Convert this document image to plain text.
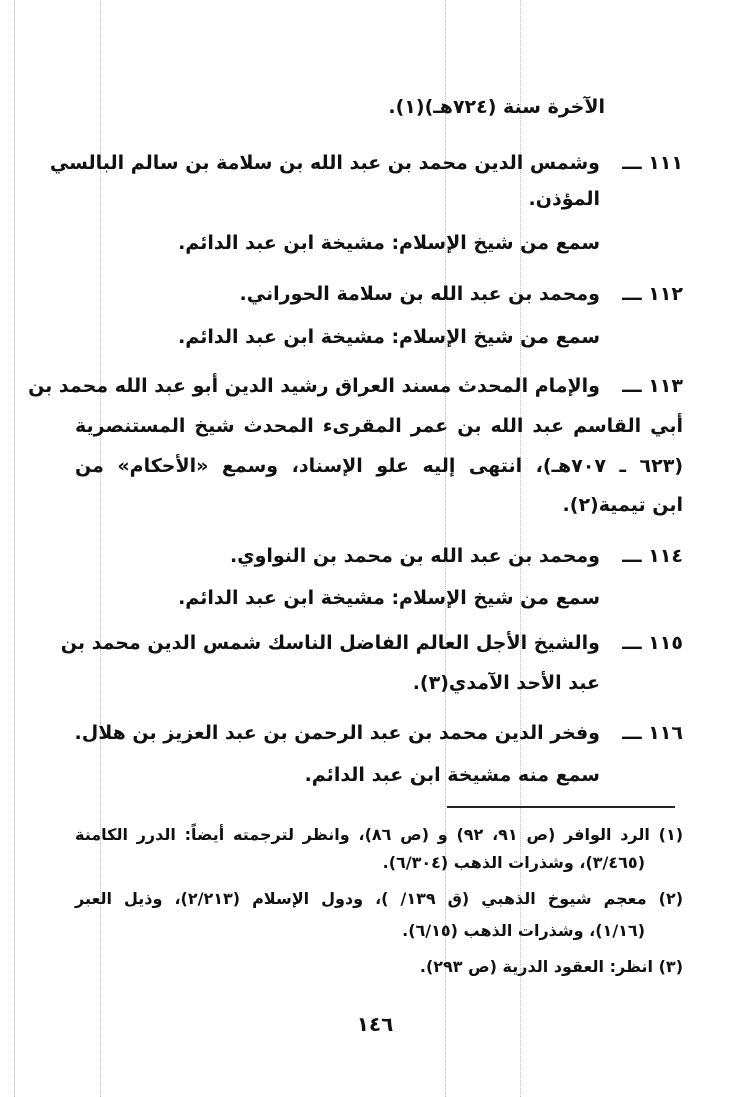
الآخرة سنة (٧٢٤هـ)(١).
١١١ ـــ
وشمس الدين محمد بن عبد الله بن سلامة بن سالم البالسي
المؤذن.
سمع من شيخ الإسلام: مشيخة ابن عبد الدائم.
١١٢ ـــ
ومحمد بن عبد الله بن سلامة الحوراني.
سمع من شيخ الإسلام: مشيخة ابن عبد الدائم.
١١٣ ـــ
والإمام المحدث مسند العراق رشيد الدين أبو عبد الله محمد بن
أبي القاسم عبد الله بن عمر المقرىء المحدث شيخ المستنصرية
(٦٢٣ ـ ٧٠٧هـ)، انتهى إليه علو الإسناد، وسمع «الأحكام» من
ابن تيمية(٢).
١١٤ ـــ
ومحمد بن عبد الله بن محمد بن النواوي.
سمع من شيخ الإسلام: مشيخة ابن عبد الدائم.
١١٥ ـــ
والشيخ الأجل العالم الفاضل الناسك شمس الدين محمد بن
عبد الأحد الآمدي(٣).
١١٦ ـــ
وفخر الدين محمد بن عبد الرحمن بن عبد العزيز بن هلال.
سمع منه مشيخة ابن عبد الدائم.
(١) الرد الوافر (ص ٩١، ٩٢) و (ص ٨٦)، وانظر لترجمته أيضاً: الدرر الكامنة
(٣/٤٦٥)، وشذرات الذهب (٦/٣٠٤).
(٢) معجم شيوخ الذهبي (ق ١٣٩/ )، ودول الإسلام (٢/٢١٣)، وذيل العبر
(١/١٦)، وشذرات الذهب (٦/١٥).
(٣) انظر: العقود الدرية (ص ٢٩٣).
١٤٦
